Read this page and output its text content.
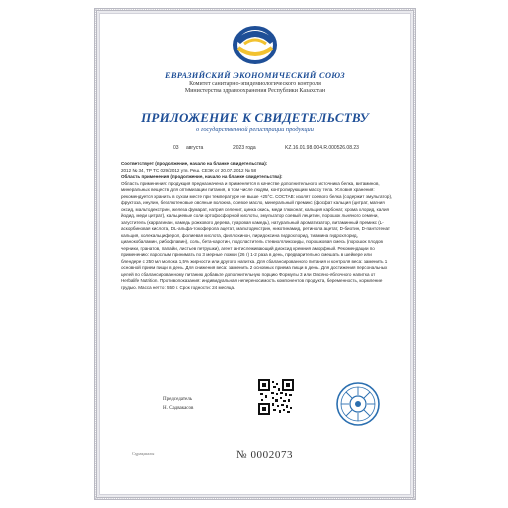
ЕВРАЗИЙСКИЙ ЭКОНОМИЧЕСКИЙ СОЮЗ
Комитет санитарно-эпидемиологического контроля
Министерства здравоохранения Республики Казахстан
ПРИЛОЖЕНИЕ К СВИДЕТЕЛЬСТВУ
о государственной регистрации продукции
03 августа	2023 года	KZ.16.01.98.004.R.000526.08.23

Соответствует (продолжение, начало на бланке свидетельства):

2012 № 34, ТР ТС 029/2012 утв. Реш. СЕЭК от 20.07.2012 № 58

Область применения (продолжение, начало на бланке свидетельства):

Область применения: продукция предназначена и применяется в качестве дополнительного источника белка, витаминов, минеральных веществ для оптимизации питания, в том числе людям, контролирующим массу тела. Условия хранения: рекомендуется хранить в сухом месте при температуре не выше +25°С. СОСТАВ: изолят соевого белка (содержит эмульгатор), фруктоза, инулин, безглютеновые овсяные волокна, соевое масло, минеральный премикс (фосфат кальция (цитрат, магния оксид, мальтодекстрин, железа фумарат, натрия селенит, цинка окись, меди глюконат, кальция карбонат, хрома хлорид, калия йодид, меди цитрат), кальциевые соли ортофосфорной кислоты, эмульгатор соевый лецитин, порошок льняного семени, загуститель (каррагинан, камедь рожкового дерева, гуаровая камедь), натуральный ароматизатор, витаминный премикс (L-аскорбиновая кислота, DL-альфа-токоферола ацетат, мальтодекстрин, никотинамид, ретинола ацетат, D-биотин, D-пантотенат кальция, холекальциферол, фолиевая кислота, филлохинон, пиридоксина гидрохлорид, тиамина гидрохлорид, цианокобаламин, рибофлавин), соль, бета-каротин, подсластитель стевиолгликозиды, порошковая смесь (порошок плодов черники, гранатов, папайи, листьев петрушки), агент антислеживающий диоксид кремния аморфный. Рекомендации по применению: взрослым принимать по 3 мерные ложки (26 г) 1-2 раза в день, предварительно смешать в шейкере или блендере с 250 мл молока 1,5% жирности или другого напитка. Для сбалансированного питания и контроля веса: заменить 1 основной прием пищи в день. Для снижения веса: заменить 2 основных приема пищи в день. Для достижения персональных целей по сбалансированному питанию добавьте дополнительную порцию Формулы 3 или Овсяно-яблочного напитка от Herbalife Nutrition. Противопоказания: индивидуальная непереносимость компонентов продукта, беременность, кормление грудью. Масса нетто: 550 г. Срок годности: 24 месяца.

Председатель
Н. Садвакасов
Сұрақшалы	№ 0002073
